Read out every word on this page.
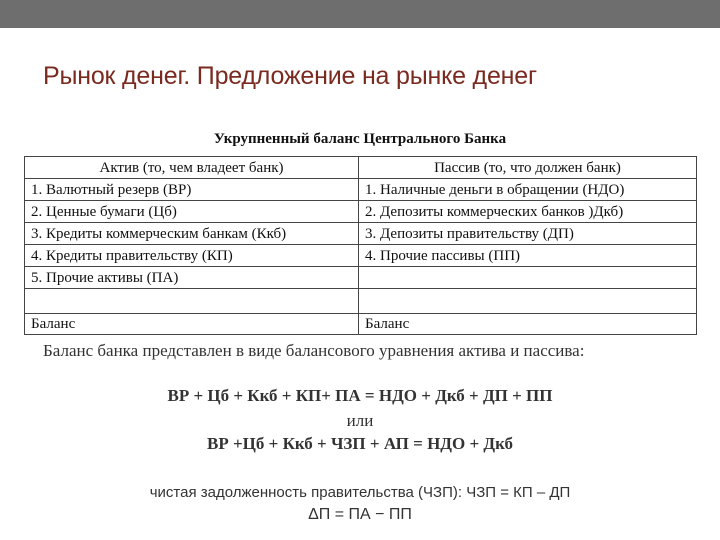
Рынок денег. Предложение на рынке денег
Укрупненный баланс Центрального Банка
Актив (то, чем владеет банк)	Пассив (то, что должен банк)
1. Валютный резерв (ВР)	1. Наличные деньги в обращении (НДО)
2. Ценные бумаги (Цб)	2. Депозиты коммерческих банков )Дкб)
3. Кредиты коммерческим банкам (Ккб)	3. Депозиты правительству (ДП)
4. Кредиты правительству (КП)	4. Прочие пассивы (ПП)
5. Прочие активы (ПА)	

Баланс	Баланс
Баланс банка представлен в виде балансового уравнения актива и пассива:
ВР + Цб + Ккб + КП+ ПА = НДО + Дкб + ДП + ПП
или
ВР +Цб + Ккб + ЧЗП + АП = НДО + Дкб
чистая задолженность правительства (ЧЗП): ЧЗП = КП – ДП
ΔП = ПА − ПП
